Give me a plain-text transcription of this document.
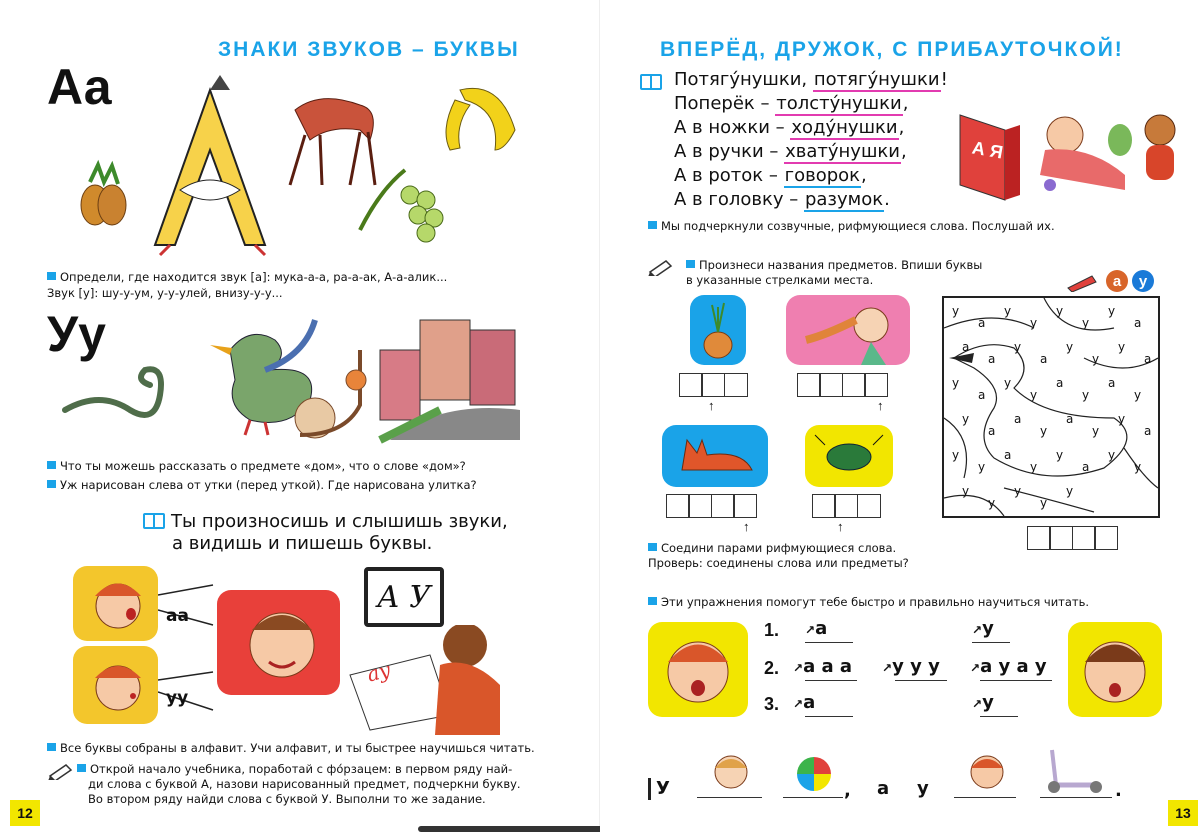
ЗНАКИ ЗВУКОВ – БУКВЫ
Аа
Определи, где находится звук [а]: мука-а-а, ра-а-ак, А-а-алик...
Звук [у]: шу-у-ум, у-у-улей, внизу-у-у...
Уу
Что ты можешь рассказать о предмете «дом», что о слове «дом»?
Уж нарисован слева от утки (перед уткой). Где нарисована улитка?
Ты произносишь и слышишь звуки,
а видишь и пишешь буквы.
аа
уу
А У
ау
Все буквы собраны в алфавит. Учи алфавит, и ты быстрее научишься читать.
Открой начало учебника, поработай с фо́рзацем: в первом ряду най-
ди слова с буквой А, назови нарисованный предмет, подчеркни букву.
Во втором ряду найди слова с буквой У. Выполни то же задание.
12
ВПЕРЁД, ДРУЖОК, С ПРИБАУТОЧКОЙ!
Потягу́нушки, потягу́нушки!
Поперёк – толсту́нушки,
А в ножки – ходу́нушки,
А в ручки – хвату́нушки,
А в роток – говорок,
А в головку – разумок.
А Я
Мы подчеркнули созвучные, рифмующиеся слова. Послушай их.
Произнеси названия предметов. Впиши буквы
в указанные стрелками места.	а	у
↑	↑
↑	↑
у
а
у
у
у
у
у
а
а
а
у
а
у
у
у
а
у
а
у
у
а
у
а
у
у
а
а
у
а
у
у
а
у
у
а
у
у
а
у
у
у
у
у
у
у
Соедини парами рифмующиеся слова.
Проверь: соединены слова или предметы?
Эти упражнения помогут тебе быстро и правильно научиться читать.
1.
2.
3.
↗а	↗у
↗а а а ↗у у у	↗а у а у
↗а	↗у
У	, а у	.
13
